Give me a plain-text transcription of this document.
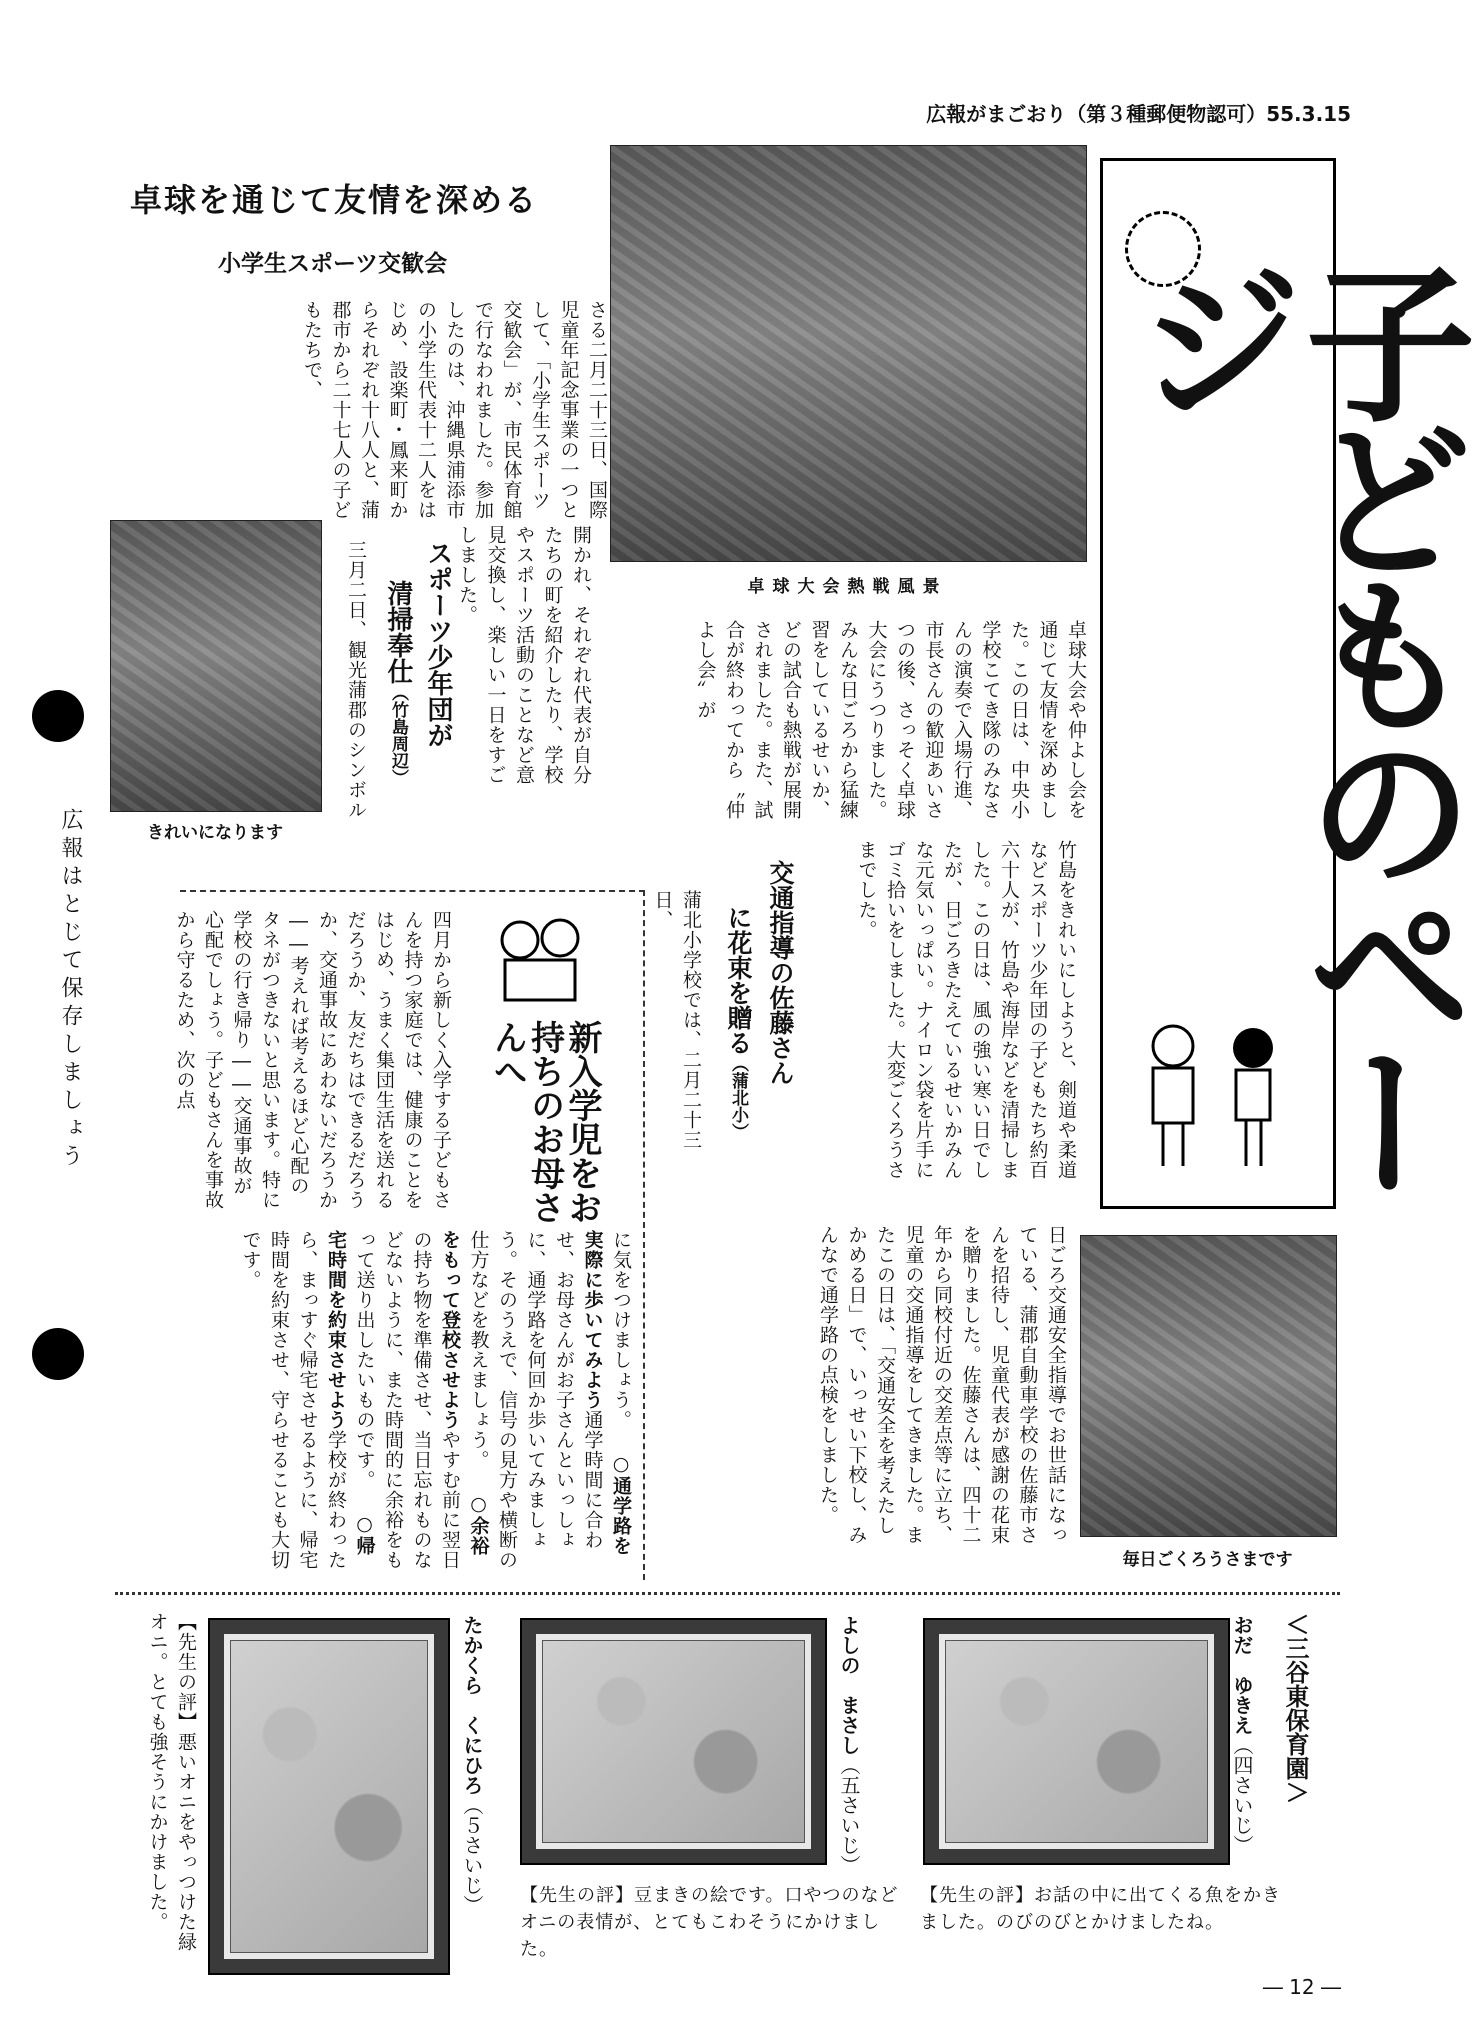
広報がまごおり（第３種郵便物認可）55.3.15
子どものページ
卓球を通じて友情を深める
小学生スポーツ交歓会
卓球大会熱戦風景
さる二月二十三日、国際児童年記念事業の一つとして、「小学生スポーツ交歓会」が、市民体育館で行なわれました。参加したのは、沖縄県浦添市の小学生代表十二人をはじめ、設楽町・鳳来町からそれぞれ十八人と、蒲郡市から二十七人の子どもたちで、
開かれ、それぞれ代表が自分たちの町を紹介したり、学校やスポーツ活動のことなど意見交換し、楽しい一日をすごしました。
卓球大会や仲よし会を通じて友情を深めました。この日は、中央小学校こてき隊のみなさんの演奏で入場行進、市長さんの歓迎あいさつの後、さっそく卓球大会にうつりました。みんな日ごろから猛練習をしているせいか、どの試合も熱戦が展開されました。また、試合が終わってから〝仲よし会〟が
きれいになります
スポーツ少年団が
清掃奉仕（竹島周辺）
三月二日、観光蒲郡のシンボル
竹島をきれいにしようと、剣道や柔道などスポーツ少年団の子どもたち約百六十人が、竹島や海岸などを清掃しました。この日は、風の強い寒い日でしたが、日ごろきたえているせいかみんな元気いっぱい。ナイロン袋を片手にゴミ拾いをしました。大変ごくろうさまでした。
交通指導の佐藤さん
に花束を贈る（蒲北小）
蒲北小学校では、二月二十三日、
日ごろ交通安全指導でお世話になっている、蒲郡自動車学校の佐藤市さんを招待し、児童代表が感謝の花束を贈りました。佐藤さんは、四十二年から同校付近の交差点等に立ち、児童の交通指導をしてきました。またこの日は、「交通安全を考えたしかめる日」で、いっせい下校し、みんなで通学路の点検をしました。
毎日ごくろうさまです
新入学児をお持ちのお母さんへ
四月から新しく入学する子どもさんを持つ家庭では、健康のことをはじめ、うまく集団生活を送れるだろうか、友だちはできるだろうか、交通事故にあわないだろうか――考えれば考えるほど心配のタネがつきないと思います。特に学校の行き帰り――交通事故が心配でしょう。子どもさんを事故から守るため、次の点
に気をつけましょう。 ○通学路を実際に歩いてみよう通学時間に合わせ、お母さんがお子さんといっしょに、通学路を何回か歩いてみましょう。そのうえで、信号の見方や横断の仕方などを教えましょう。 ○余裕をもって登校させようやすむ前に翌日の持ち物を準備させ、当日忘れものなどないように、また時間的に余裕をもって送り出したいものです。 ○帰宅時間を約束させよう学校が終わったら、まっすぐ帰宅させるように、帰宅時間を約束させ、守らせることも大切です。
広報はとじて保存しましょう
＜三谷東保育園＞
おだ　ゆきえ（四さいじ）
【先生の評】お話の中に出てくる魚をかきました。のびのびとかけましたね。
よしの　まさし（五さいじ）
【先生の評】豆まきの絵です。口やつのなどオニの表情が、とてもこわそうにかけました。
たかくら　くにひろ（５さいじ）
【先生の評】悪いオニをやっつけた緑オニ。とても強そうにかけました。
― 12 ―
